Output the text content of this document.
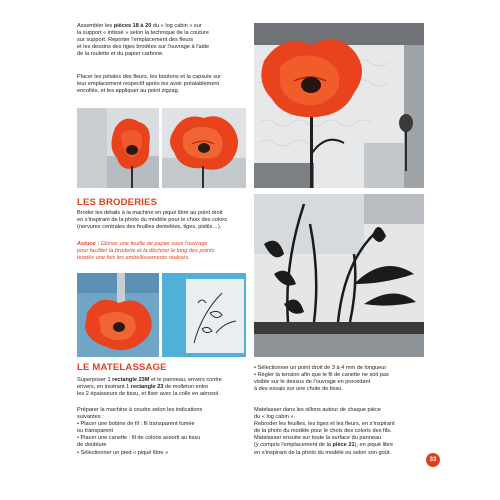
Assembler les pièces 18 à 20 du « log cabin » sur
la support « intissé » selon la technique de la couture
sur support. Reporter l'emplacement des fleurs
et les dessins des tiges brodées sur l'ouvrage à l'aide
de la roulette et du papier carbone.
Placer les pétales des fleurs, les boutons et la capsule sur
leur emplacement respectif après les avoir préalablement
encollés, et les appliquer au point zigzag.
LES BRODERIES
Broder les détails à la machine en piqué libre au point droit
en s'inspirant de la photo du modèle pour le choix des colors
(nervures centrales des feuilles dentelées, tiges, pistils…).
Astuce : Glisser une feuille de papier sous l'ouvrage
pour faciliter la broderie et la déchirer le long des points
brodés une fois les embellissements réalisés.
LE MATELASSAGE
Superposer 1 rectangle 23M et le panneau, envers contre
envers, en insérant 1 rectangle 23 de molleton entre
les 2 épaisseurs de tissu, et fixer avec la colle en aérosol.
Préparer la machine à coudre selon les indications
suivantes :
• Placer une bobine de fil : fil transparent fumée
ou transparent
• Placer une canette : fil de coloris assorti au tissu
de doublure
• Sélectionner un pied « piqué libre »
• Sélectionner un point droit de 3 à 4 mm de longueur
• Régler la tension afin que le fil de canette ne soit pas
visible sur le dessus de l'ouvrage en procédant
à des essais sur une chute de tissu.
Matelasser dans les sillons autour de chaque pièce
du « log cabin ».
Rebroder les feuilles, les tiges et les fleurs, en s'inspirant
de la photo du modèle pour le choix des coloris des fils.
Matelasser ensuite sur toute la surface du panneau
(y compris l'emplacement de la pièce 21), en piqué libre
en s'inspirant de la photo du modèle ou selon son goût.
33
